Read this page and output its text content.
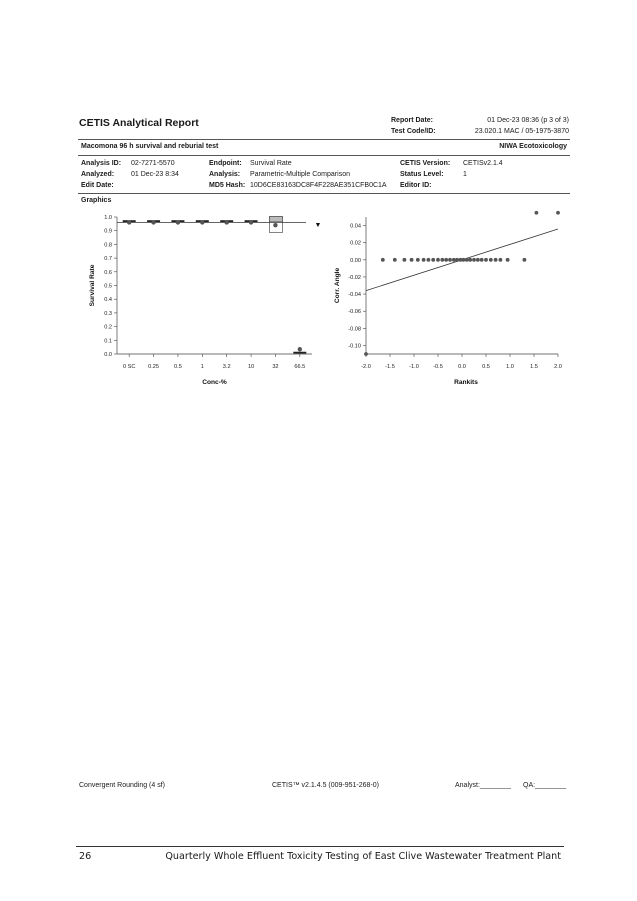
CETIS Analytical Report	Report Date:	01 Dec-23 08:36 (p 3 of 3)
Test Code/ID:	23.020.1 MAC / 05-1975-3870
Macomona 96 h survival and reburial test	NIWA Ecotoxicology
Analysis ID: 02-7271-5570
Analyzed: 01 Dec-23 8:34
Edit Date:
Endpoint: Survival Rate
Analysis: Parametric-Multiple Comparison
MD5 Hash: 10D6CE83163DC8F4F228AE351CFB0C1A
CETIS Version: CETISv2.1.4
Status Level:	1
Editor ID:
Graphics
0.0
0.1
0.2
0.3
0.4
0.5
0.6
0.7
0.8
0.9
1.0
0 SC 0.25	0.5	1	3.2	10	32	66.5
▼
Conc-%
Survival Rate
0.04
0.02
0.00
-0.02
-0.04
-0.06
-0.08
-0.10
-2.0	-1.5	-1.0	-0.5	0.0	0.5	1.0	1.5	2.0
Rankits
Corr. Angle
Convergent Rounding (4 sf)	CETIS™ v2.1.4.5 (009-951-268-0)	Analyst:________ QA:________
26	Quarterly Whole Effluent Toxicity Testing of East Clive Wastewater Treatment Plant
